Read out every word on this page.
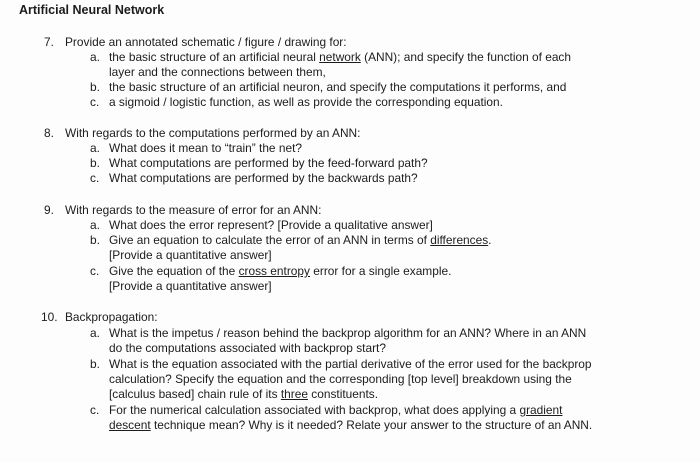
Artificial Neural Network
7. Provide an annotated schematic / figure / drawing for:
a. the basic structure of an artificial neural network (ANN); and specify the function of each
layer and the connections between them,
b. the basic structure of an artificial neuron, and specify the computations it performs, and
c. a sigmoid / logistic function, as well as provide the corresponding equation.
8. With regards to the computations performed by an ANN:
a. What does it mean to “train” the net?
b. What computations are performed by the feed-forward path?
c. What computations are performed by the backwards path?
9. With regards to the measure of error for an ANN:
a. What does the error represent? [Provide a qualitative answer]
b. Give an equation to calculate the error of an ANN in terms of differences.
[Provide a quantitative answer]
c. Give the equation of the cross entropy error for a single example.
[Provide a quantitative answer]
10. Backpropagation:
a. What is the impetus / reason behind the backprop algorithm for an ANN? Where in an ANN
do the computations associated with backprop start?
b. What is the equation associated with the partial derivative of the error used for the backprop
calculation? Specify the equation and the corresponding [top level] breakdown using the
[calculus based] chain rule of its three constituents.
c. For the numerical calculation associated with backprop, what does applying a gradient
descent technique mean? Why is it needed? Relate your answer to the structure of an ANN.
